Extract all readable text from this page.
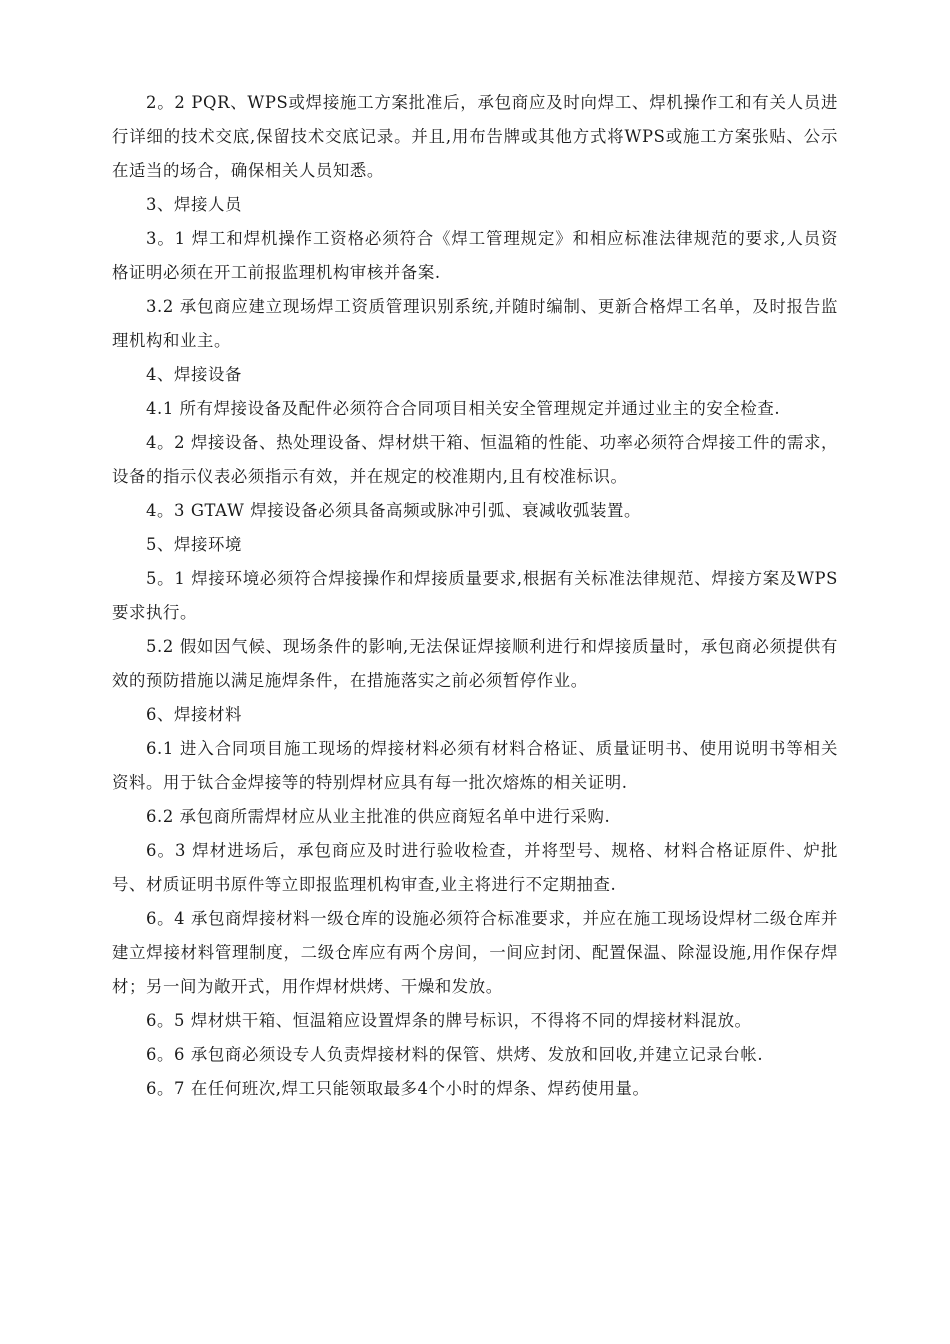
2。2 PQR、WPS或焊接施工方案批准后，承包商应及时向焊工、焊机操作工和有关人员进行详细的技术交底,保留技术交底记录。并且,用布告牌或其他方式将WPS或施工方案张贴、公示在适当的场合，确保相关人员知悉。

3、焊接人员

3。1 焊工和焊机操作工资格必须符合《焊工管理规定》和相应标准法律规范的要求,人员资格证明必须在开工前报监理机构审核并备案.

3.2 承包商应建立现场焊工资质管理识别系统,并随时编制、更新合格焊工名单，及时报告监理机构和业主。

4、焊接设备

4.1 所有焊接设备及配件必须符合合同项目相关安全管理规定并通过业主的安全检查.

4。2 焊接设备、热处理设备、焊材烘干箱、恒温箱的性能、功率必须符合焊接工件的需求，设备的指示仪表必须指示有效，并在规定的校准期内,且有校准标识。

4。3 GTAW 焊接设备必须具备高频或脉冲引弧、衰减收弧装置。

5、焊接环境

5。1 焊接环境必须符合焊接操作和焊接质量要求,根据有关标准法律规范、焊接方案及WPS要求执行。

5.2 假如因气候、现场条件的影响,无法保证焊接顺利进行和焊接质量时，承包商必须提供有效的预防措施以满足施焊条件，在措施落实之前必须暂停作业。

6、焊接材料

6.1 进入合同项目施工现场的焊接材料必须有材料合格证、质量证明书、使用说明书等相关资料。用于钛合金焊接等的特别焊材应具有每一批次熔炼的相关证明.

6.2 承包商所需焊材应从业主批准的供应商短名单中进行采购.

6。3 焊材进场后，承包商应及时进行验收检查，并将型号、规格、材料合格证原件、炉批号、材质证明书原件等立即报监理机构审查,业主将进行不定期抽查.

6。4 承包商焊接材料一级仓库的设施必须符合标准要求，并应在施工现场设焊材二级仓库并建立焊接材料管理制度，二级仓库应有两个房间，一间应封闭、配置保温、除湿设施,用作保存焊材；另一间为敞开式，用作焊材烘烤、干燥和发放。

6。5 焊材烘干箱、恒温箱应设置焊条的牌号标识，不得将不同的焊接材料混放。

6。6 承包商必须设专人负责焊接材料的保管、烘烤、发放和回收,并建立记录台帐.

6。7 在任何班次,焊工只能领取最多4个小时的焊条、焊药使用量。
